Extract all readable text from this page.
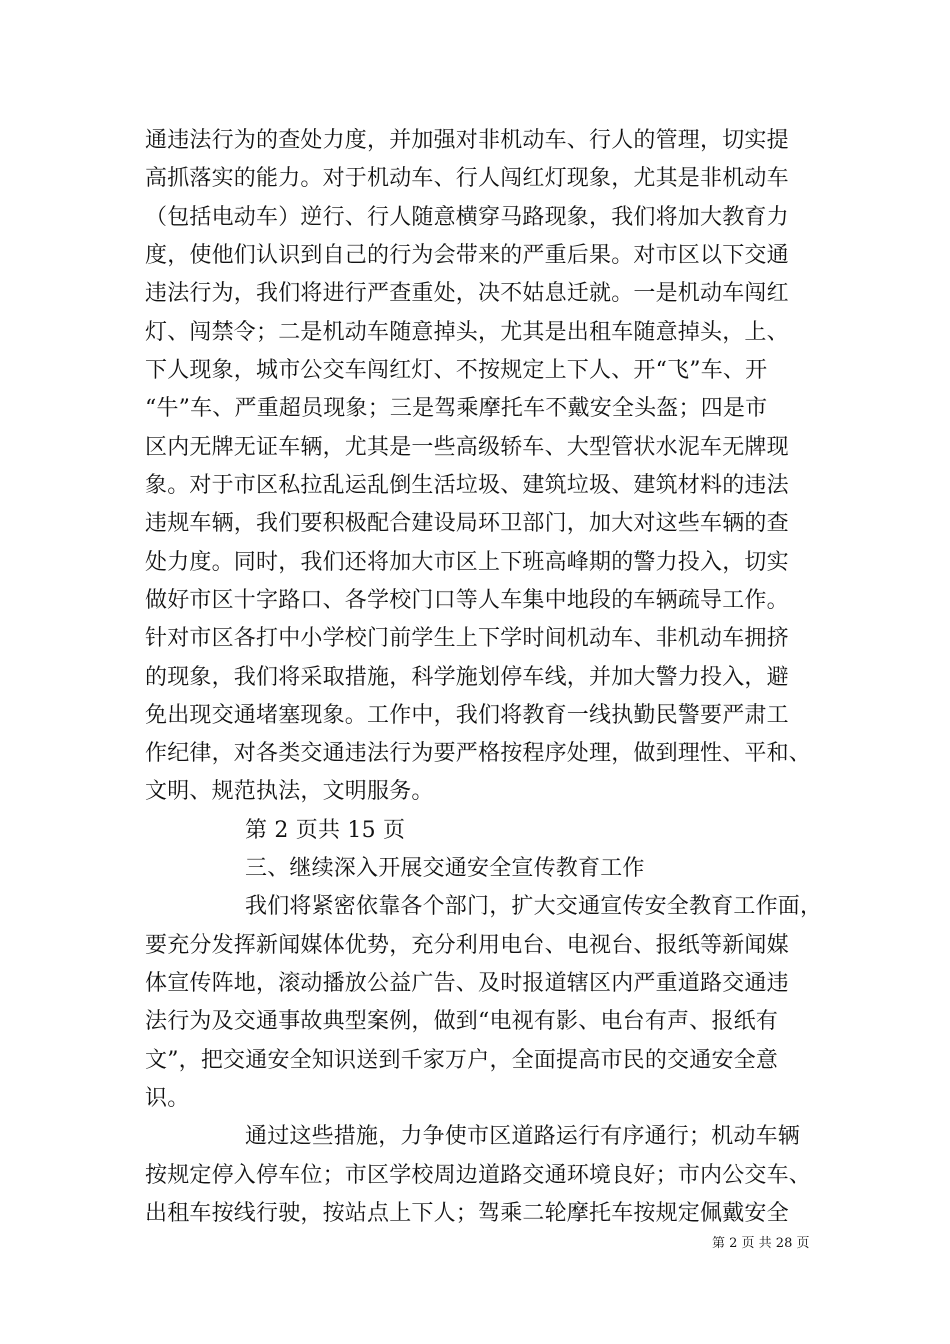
通违法行为的查处力度，并加强对非机动车、行人的管理，切实提

高抓落实的能力。对于机动车、行人闯红灯现象，尤其是非机动车

（包括电动车）逆行、行人随意横穿马路现象，我们将加大教育力

度，使他们认识到自己的行为会带来的严重后果。对市区以下交通

违法行为，我们将进行严查重处，决不姑息迁就。一是机动车闯红

灯、闯禁令；二是机动车随意掉头，尤其是出租车随意掉头，上、

下人现象，城市公交车闯红灯、不按规定上下人、开“飞”车、开

“牛”车、严重超员现象；三是驾乘摩托车不戴安全头盔；四是市

区内无牌无证车辆，尤其是一些高级轿车、大型管状水泥车无牌现

象。对于市区私拉乱运乱倒生活垃圾、建筑垃圾、建筑材料的违法

违规车辆，我们要积极配合建设局环卫部门，加大对这些车辆的查

处力度。同时，我们还将加大市区上下班高峰期的警力投入，切实

做好市区十字路口、各学校门口等人车集中地段的车辆疏导工作。

针对市区各打中小学校门前学生上下学时间机动车、非机动车拥挤

的现象，我们将采取措施，科学施划停车线，并加大警力投入，避

免出现交通堵塞现象。工作中，我们将教育一线执勤民警要严肃工

作纪律，对各类交通违法行为要严格按程序处理，做到理性、平和、

文明、规范执法，文明服务。

第 2 页共 15 页

三、继续深入开展交通安全宣传教育工作

我们将紧密依靠各个部门，扩大交通宣传安全教育工作面，

要充分发挥新闻媒体优势，充分利用电台、电视台、报纸等新闻媒

体宣传阵地，滚动播放公益广告、及时报道辖区内严重道路交通违

法行为及交通事故典型案例，做到“电视有影、电台有声、报纸有

文”，把交通安全知识送到千家万户，全面提高市民的交通安全意

识。

通过这些措施，力争使市区道路运行有序通行；机动车辆

按规定停入停车位；市区学校周边道路交通环境良好；市内公交车、

出租车按线行驶，按站点上下人；驾乘二轮摩托车按规定佩戴安全

第 2 页 共 28 页
